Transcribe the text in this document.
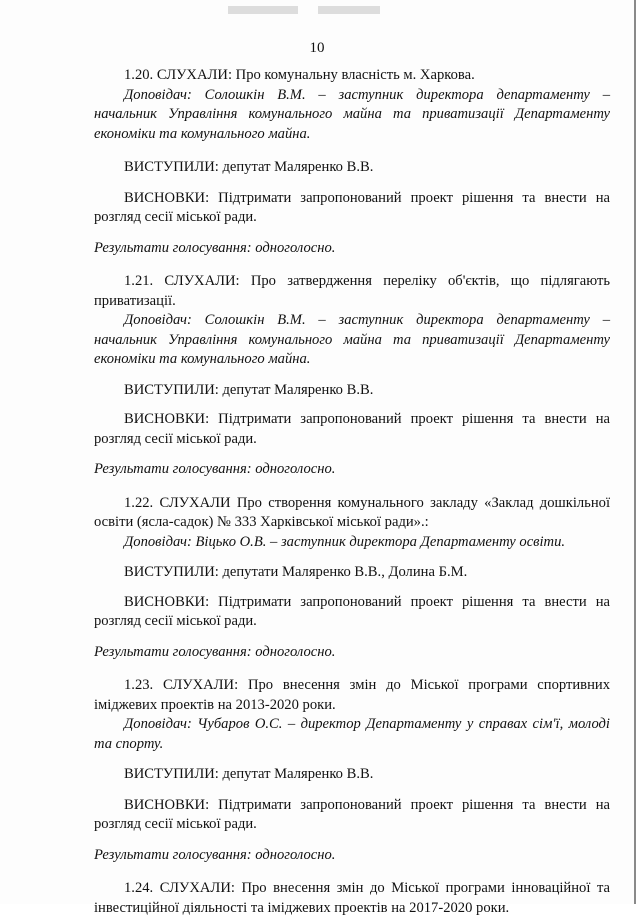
10

1.20. СЛУХАЛИ: Про комунальну власність м. Харкова.

Доповідач: Солошкін В.М. – заступник директора департаменту – начальник Управління комунального майна та приватизації Департаменту економіки та комунального майна.

ВИСТУПИЛИ: депутат Маляренко В.В.

ВИСНОВКИ: Підтримати запропонований проект рішення та внести на розгляд сесії міської ради.

Результати голосування: одноголосно.

1.21. СЛУХАЛИ: Про затвердження переліку об'єктів, що підлягають приватизації.

Доповідач: Солошкін В.М. – заступник директора департаменту – начальник Управління комунального майна та приватизації Департаменту економіки та комунального майна.

ВИСТУПИЛИ: депутат Маляренко В.В.

ВИСНОВКИ: Підтримати запропонований проект рішення та внести на розгляд сесії міської ради.

Результати голосування: одноголосно.

1.22. СЛУХАЛИ Про створення комунального закладу «Заклад дошкільної освіти (ясла-садок) № 333 Харківської міської ради».:

Доповідач: Віцько О.В. – заступник директора Департаменту освіти.

ВИСТУПИЛИ: депутати Маляренко В.В., Долина Б.М.

ВИСНОВКИ: Підтримати запропонований проект рішення та внести на розгляд сесії міської ради.

Результати голосування: одноголосно.

1.23. СЛУХАЛИ: Про внесення змін до Міської програми спортивних іміджевих проектів на 2013-2020 роки.

Доповідач: Чубаров О.С. – директор Департаменту у справах сім'ї, молоді та спорту.

ВИСТУПИЛИ: депутат Маляренко В.В.

ВИСНОВКИ: Підтримати запропонований проект рішення та внести на розгляд сесії міської ради.

Результати голосування: одноголосно.

1.24. СЛУХАЛИ: Про внесення змін до Міської програми інноваційної та інвестиційної діяльності та іміджевих проектів на 2017-2020 роки.
